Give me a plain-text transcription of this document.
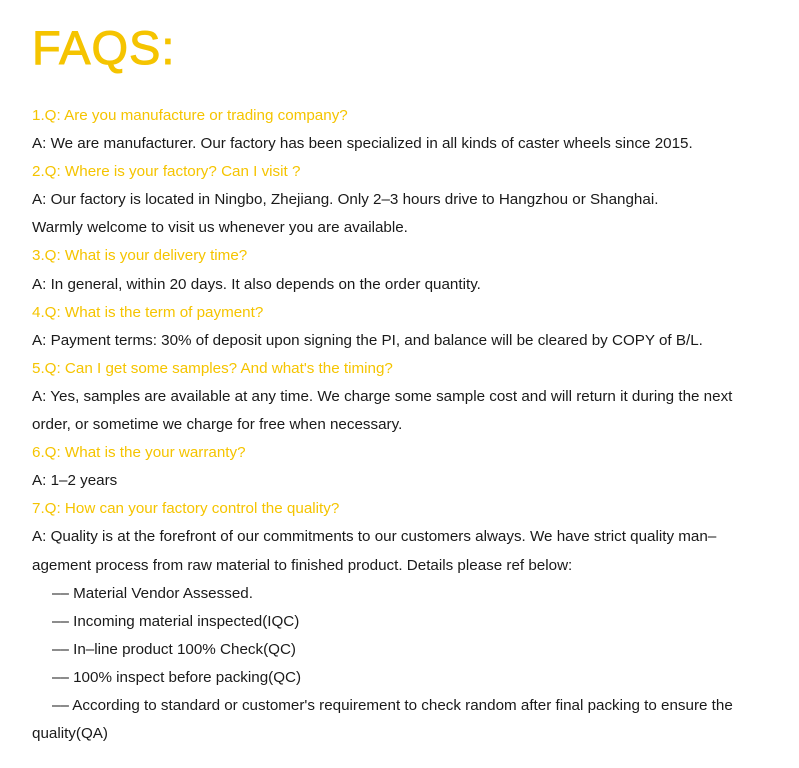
FAQS:
1.Q: Are you manufacture or trading company?
A: We are manufacturer. Our factory has been specialized in all kinds of caster wheels since 2015.
2.Q: Where is your factory? Can I visit ?
A: Our factory is located in Ningbo, Zhejiang. Only 2–3 hours drive to Hangzhou or Shanghai.
Warmly welcome to visit us whenever you are available.
3.Q: What is your delivery time?
A: In general, within 20 days. It also depends on the order quantity.
4.Q: What is the term of payment?
A: Payment terms: 30% of deposit upon signing the PI, and balance will be cleared by COPY of B/L.
5.Q: Can I get some samples? And what's the timing?
A: Yes, samples are available at any time. We charge some sample cost and will return it during the next
order, or sometime we charge for free when necessary.
6.Q: What is the your warranty?
A: 1–2 years
7.Q: How can your factory control the quality?
A: Quality is at the forefront of our commitments to our customers always. We have strict quality man–
agement process from raw material to finished product. Details please ref below:
–– Material Vendor Assessed.
–– Incoming material inspected(IQC)
–– In–line product 100% Check(QC)
–– 100% inspect before packing(QC)
–– According to standard or customer's requirement to check random after final packing to ensure the
quality(QA)
